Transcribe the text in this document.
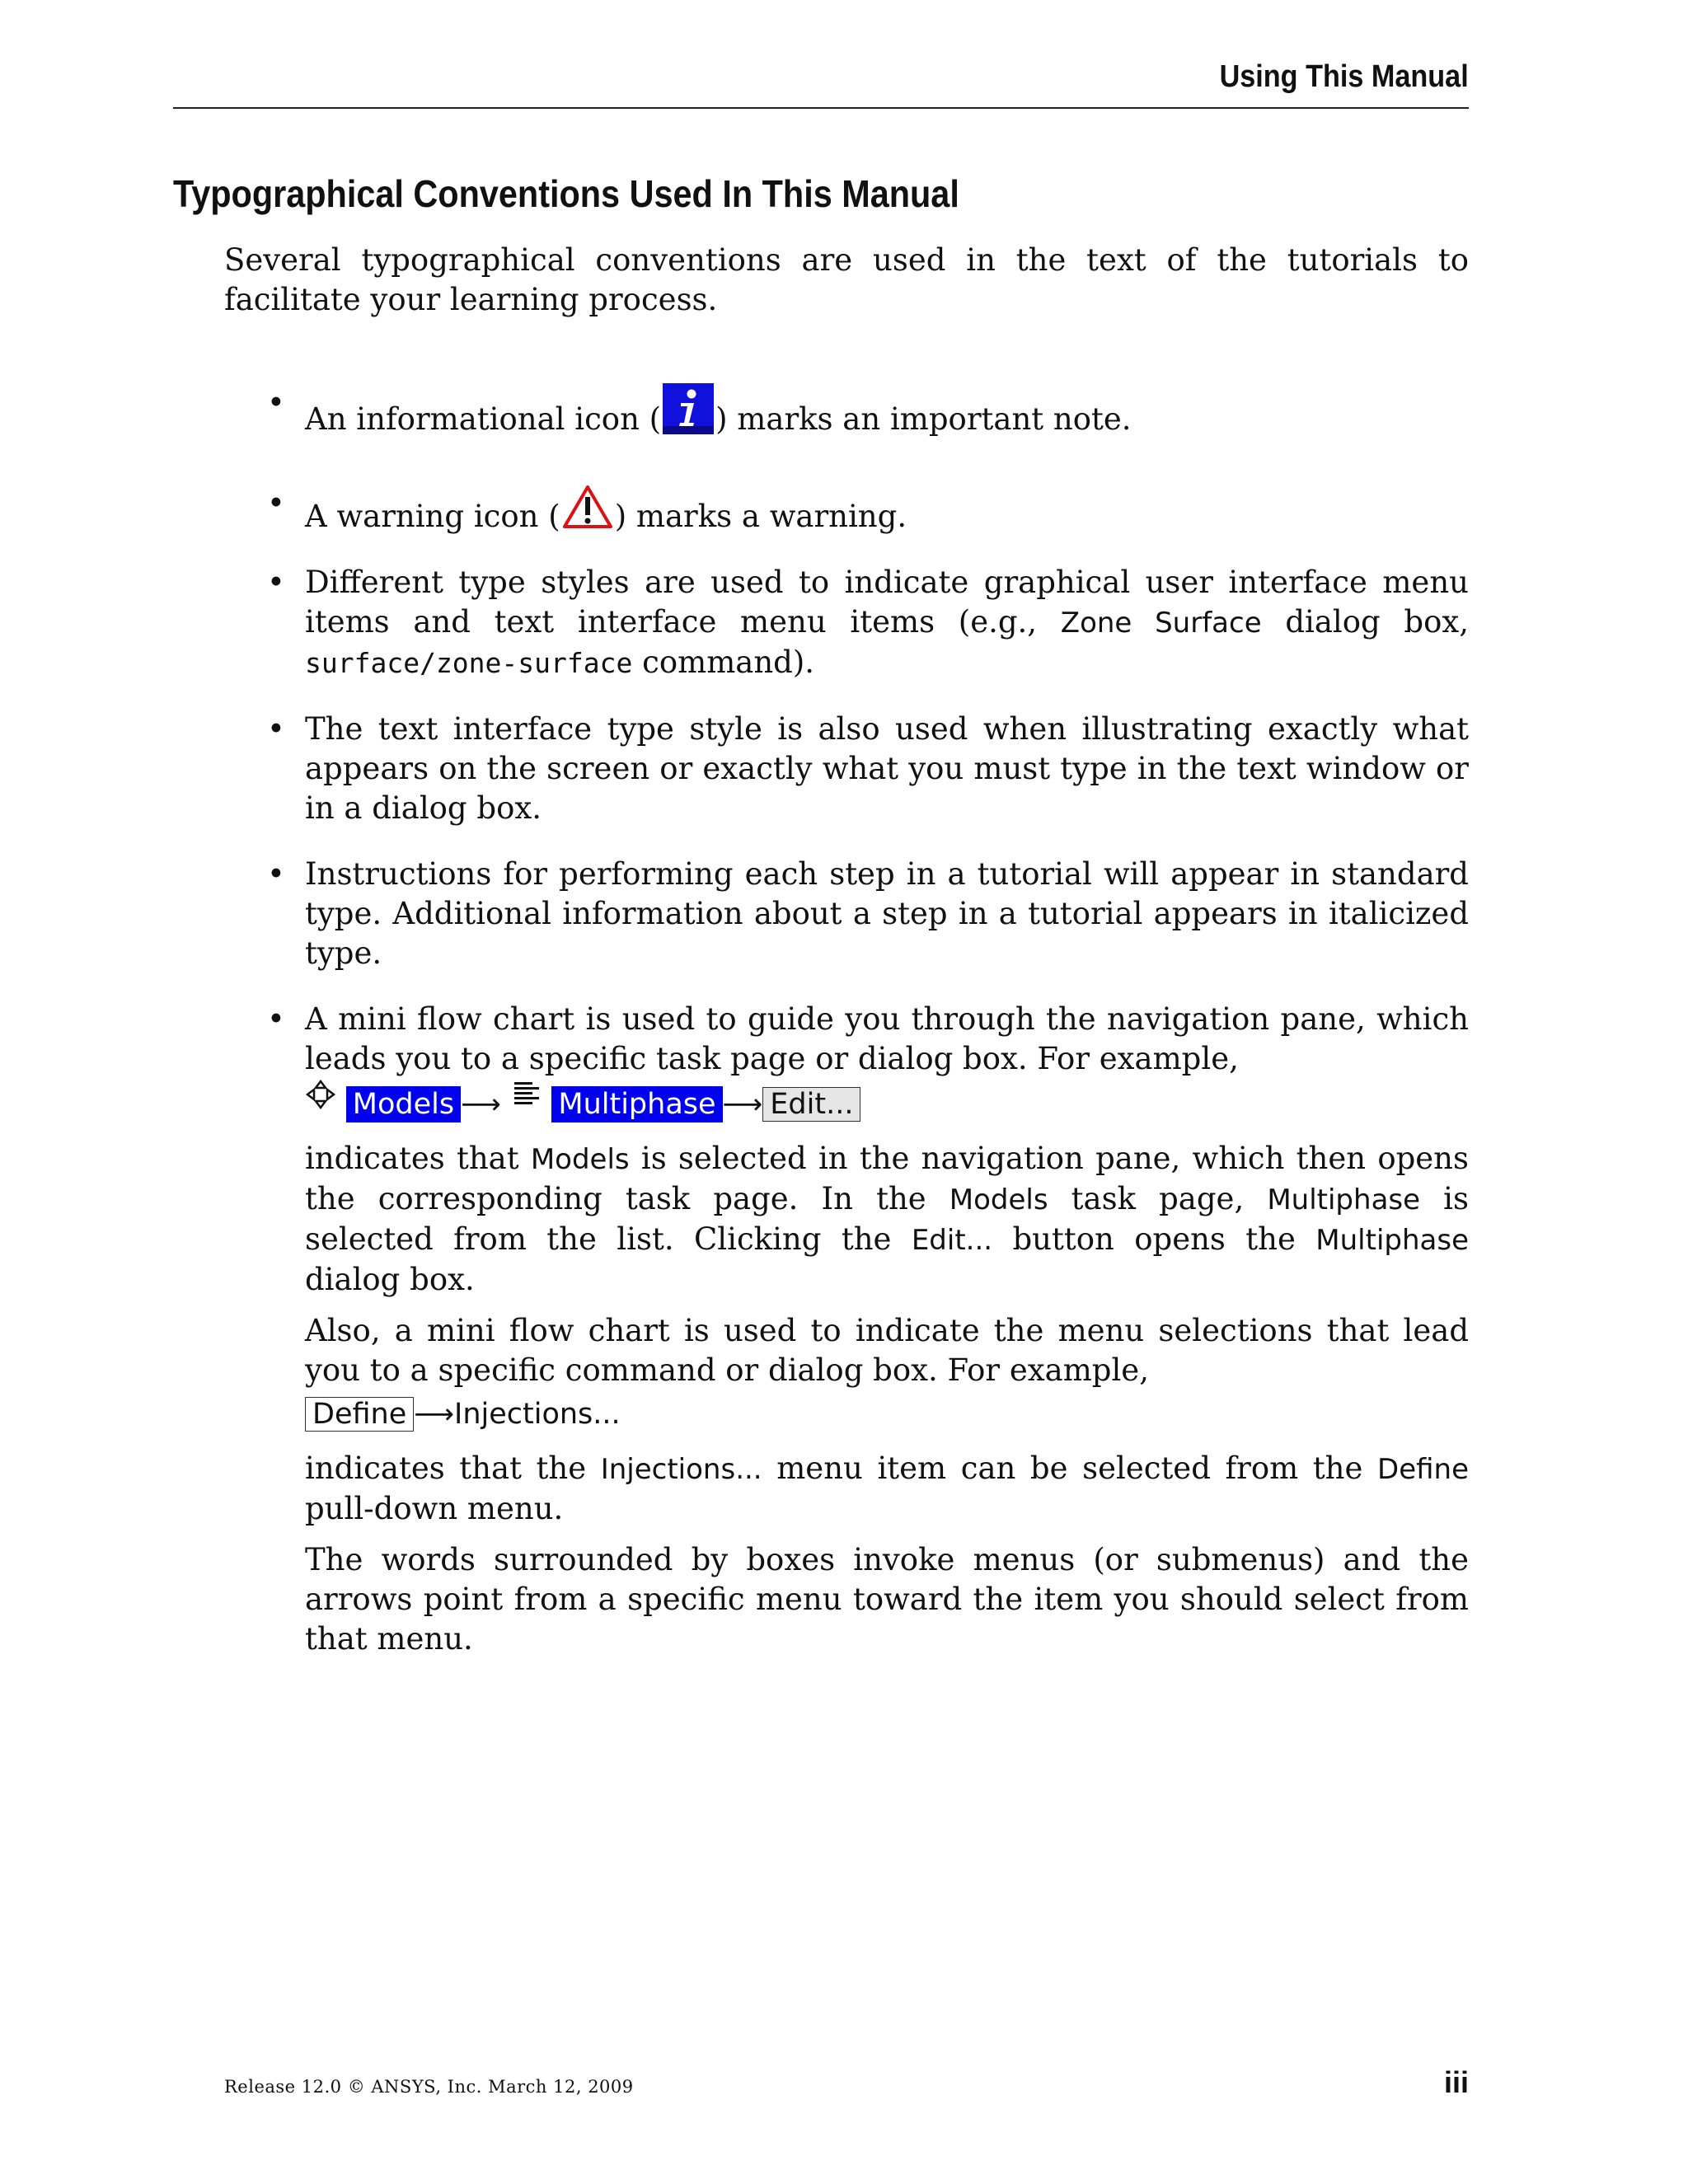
Using This Manual
Typographical Conventions Used In This Manual

Several typographical conventions are used in the text of the tutorials to facilitate your learning process.

• An informational icon ( ) marks an important note.

• A warning icon ( ) marks a warning.

• Different type styles are used to indicate graphical user interface menu items and text interface menu items (e.g., Zone Surface dialog box, surface/zone-surface command).

• The text interface type style is also used when illustrating exactly what appears on the screen or exactly what you must type in the text window or in a dialog box.

• Instructions for performing each step in a tutorial will appear in standard type. Additional information about a step in a tutorial appears in italicized type.

• A mini flow chart is used to guide you through the navigation pane, which leads you to a specific task page or dialog box. For example,

Models ⟶ Multiphase ⟶ Edit...

indicates that Models is selected in the navigation pane, which then opens the corresponding task page. In the Models task page, Multiphase is selected from the list. Clicking the Edit... button opens the Multiphase dialog box.

Also, a mini flow chart is used to indicate the menu selections that lead you to a specific command or dialog box. For example,

Define ⟶Injections...

indicates that the Injections... menu item can be selected from the Define pull-down menu.

The words surrounded by boxes invoke menus (or submenus) and the arrows point from a specific menu toward the item you should select from that menu.

Release 12.0 © ANSYS, Inc. March 12, 2009	iii
